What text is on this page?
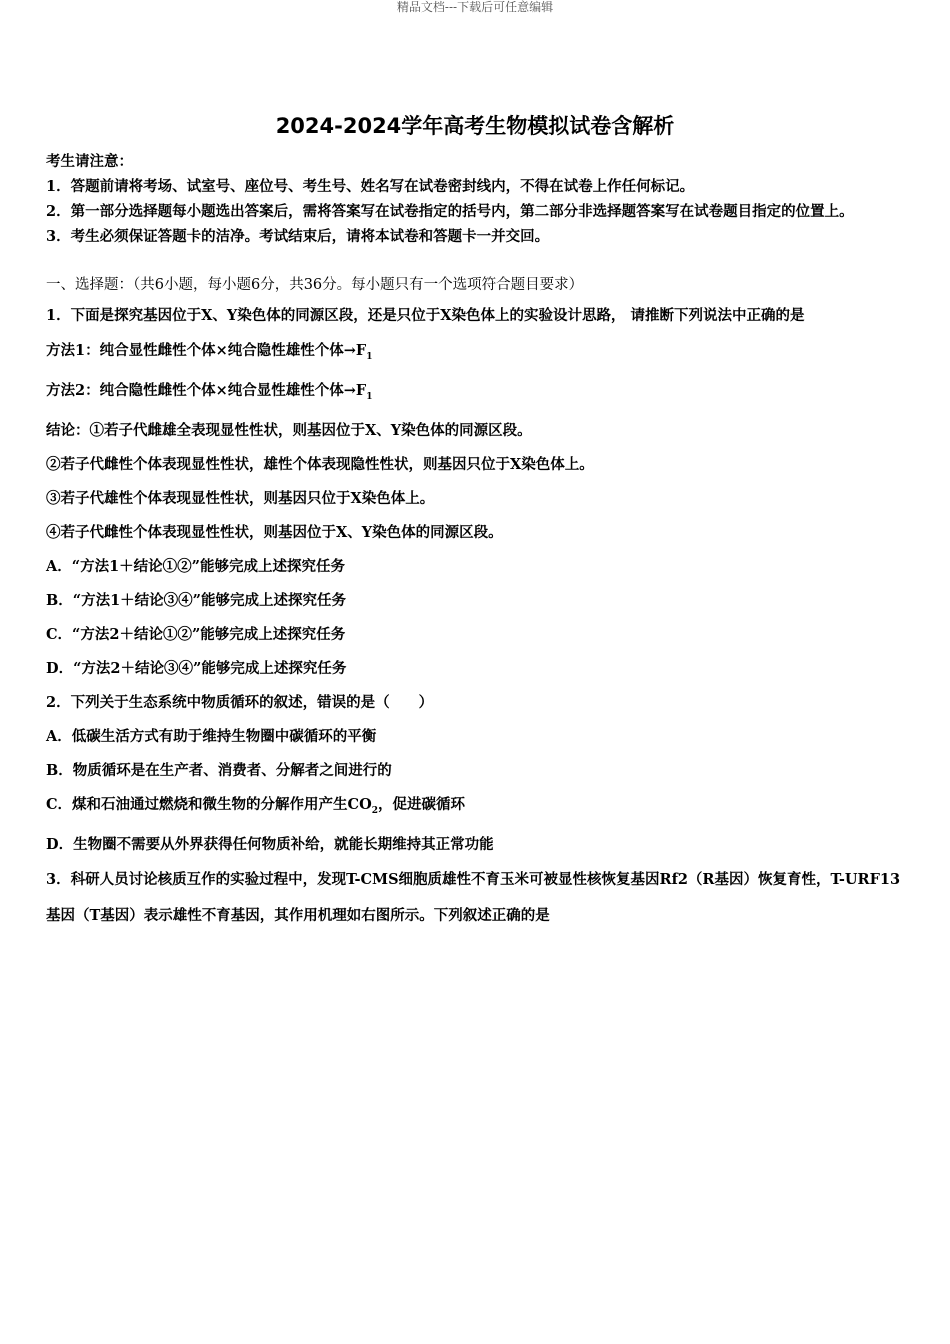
精品文档---下载后可任意编辑
2024-2024学年高考生物模拟试卷含解析
考生请注意：
1．答题前请将考场、试室号、座位号、考生号、姓名写在试卷密封线内，不得在试卷上作任何标记。
2．第一部分选择题每小题选出答案后，需将答案写在试卷指定的括号内，第二部分非选择题答案写在试卷题目指定的位置上。
3．考生必须保证答题卡的洁净。考试结束后，请将本试卷和答题卡一并交回。
一、选择题：（共6小题，每小题6分，共36分。每小题只有一个选项符合题目要求）
1．下面是探究基因位于X、Y染色体的同源区段，还是只位于X染色体上的实验设计思路， 请推断下列说法中正确的是
方法1：纯合显性雌性个体×纯合隐性雄性个体$\to F_1$
方法2：纯合隐性雌性个体×纯合显性雄性个体$\to F_1$
结论：①若子代雌雄全表现显性性状，则基因位于X、Y染色体的同源区段。
②若子代雌性个体表现显性性状，雄性个体表现隐性性状，则基因只位于X染色体上。
③若子代雄性个体表现显性性状，则基因只位于X染色体上。
④若子代雌性个体表现显性性状，则基因位于X、Y染色体的同源区段。
A．“方法1＋结论①②”能够完成上述探究任务
B．“方法1＋结论③④”能够完成上述探究任务
C．“方法2＋结论①②”能够完成上述探究任务
D．“方法2＋结论③④”能够完成上述探究任务
2．下列关于生态系统中物质循环的叙述，错误的是（　　）
A．低碳生活方式有助于维持生物圈中碳循环的平衡
B．物质循环是在生产者、消费者、分解者之间进行的
C．煤和石油通过燃烧和微生物的分解作用产生$CO_2$，促进碳循环
D．生物圈不需要从外界获得任何物质补给，就能长期维持其正常功能
3．科研人员讨论核质互作的实验过程中，发现T-CMS细胞质雄性不育玉米可被显性核恢复基因Rf2（R基因）恢复育性，T-URF13基因（T基因）表示雄性不育基因，其作用机理如右图所示。下列叙述正确的是
